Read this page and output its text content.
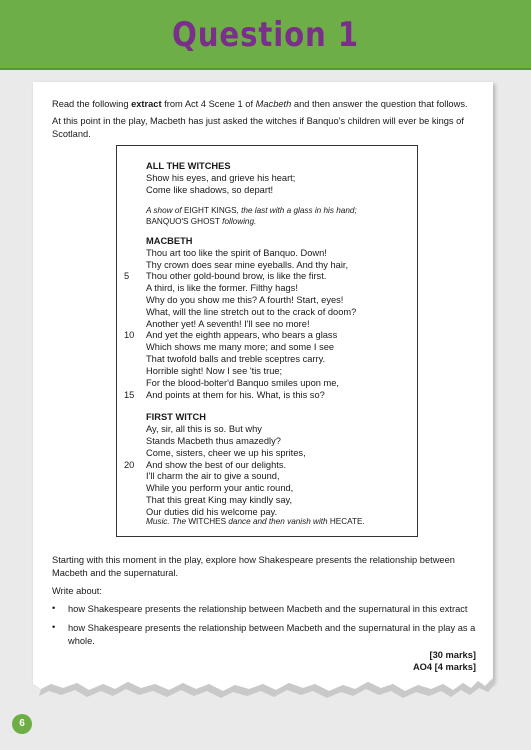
Question 1
Read the following extract from Act 4 Scene 1 of Macbeth and then answer the question that follows.
At this point in the play, Macbeth has just asked the witches if Banquo's children will ever be kings of Scotland.
ALL THE WITCHES
Show his eyes, and grieve his heart;
Come like shadows, so depart!
A show of EIGHT KINGS, the last with a glass in his hand;
BANQUO'S GHOST following.
MACBETH
Thou art too like the spirit of Banquo. Down!
Thy crown does sear mine eyeballs. And thy hair,
Thou other gold-bound brow, is like the first.
A third, is like the former. Filthy hags!
Why do you show me this? A fourth! Start, eyes!
What, will the line stretch out to the crack of doom?
Another yet! A seventh! I'll see no more!
And yet the eighth appears, who bears a glass
Which shows me many more; and some I see
That twofold balls and treble sceptres carry.
Horrible sight! Now I see 'tis true;
For the blood-bolter'd Banquo smiles upon me,
And points at them for his. What, is this so?
FIRST WITCH
Ay, sir, all this is so. But why
Stands Macbeth thus amazedly?
Come, sisters, cheer we up his sprites,
And show the best of our delights.
I'll charm the air to give a sound,
While you perform your antic round,
That this great King may kindly say,
Our duties did his welcome pay.
Music. The WITCHES dance and then vanish with HECATE.
5
10
15
20
Starting with this moment in the play, explore how Shakespeare presents the relationship between Macbeth and the supernatural.
Write about:
• how Shakespeare presents the relationship between Macbeth and the supernatural in this extract
• how Shakespeare presents the relationship between Macbeth and the supernatural in the play as a whole.
[30 marks]
AO4 [4 marks]
6
